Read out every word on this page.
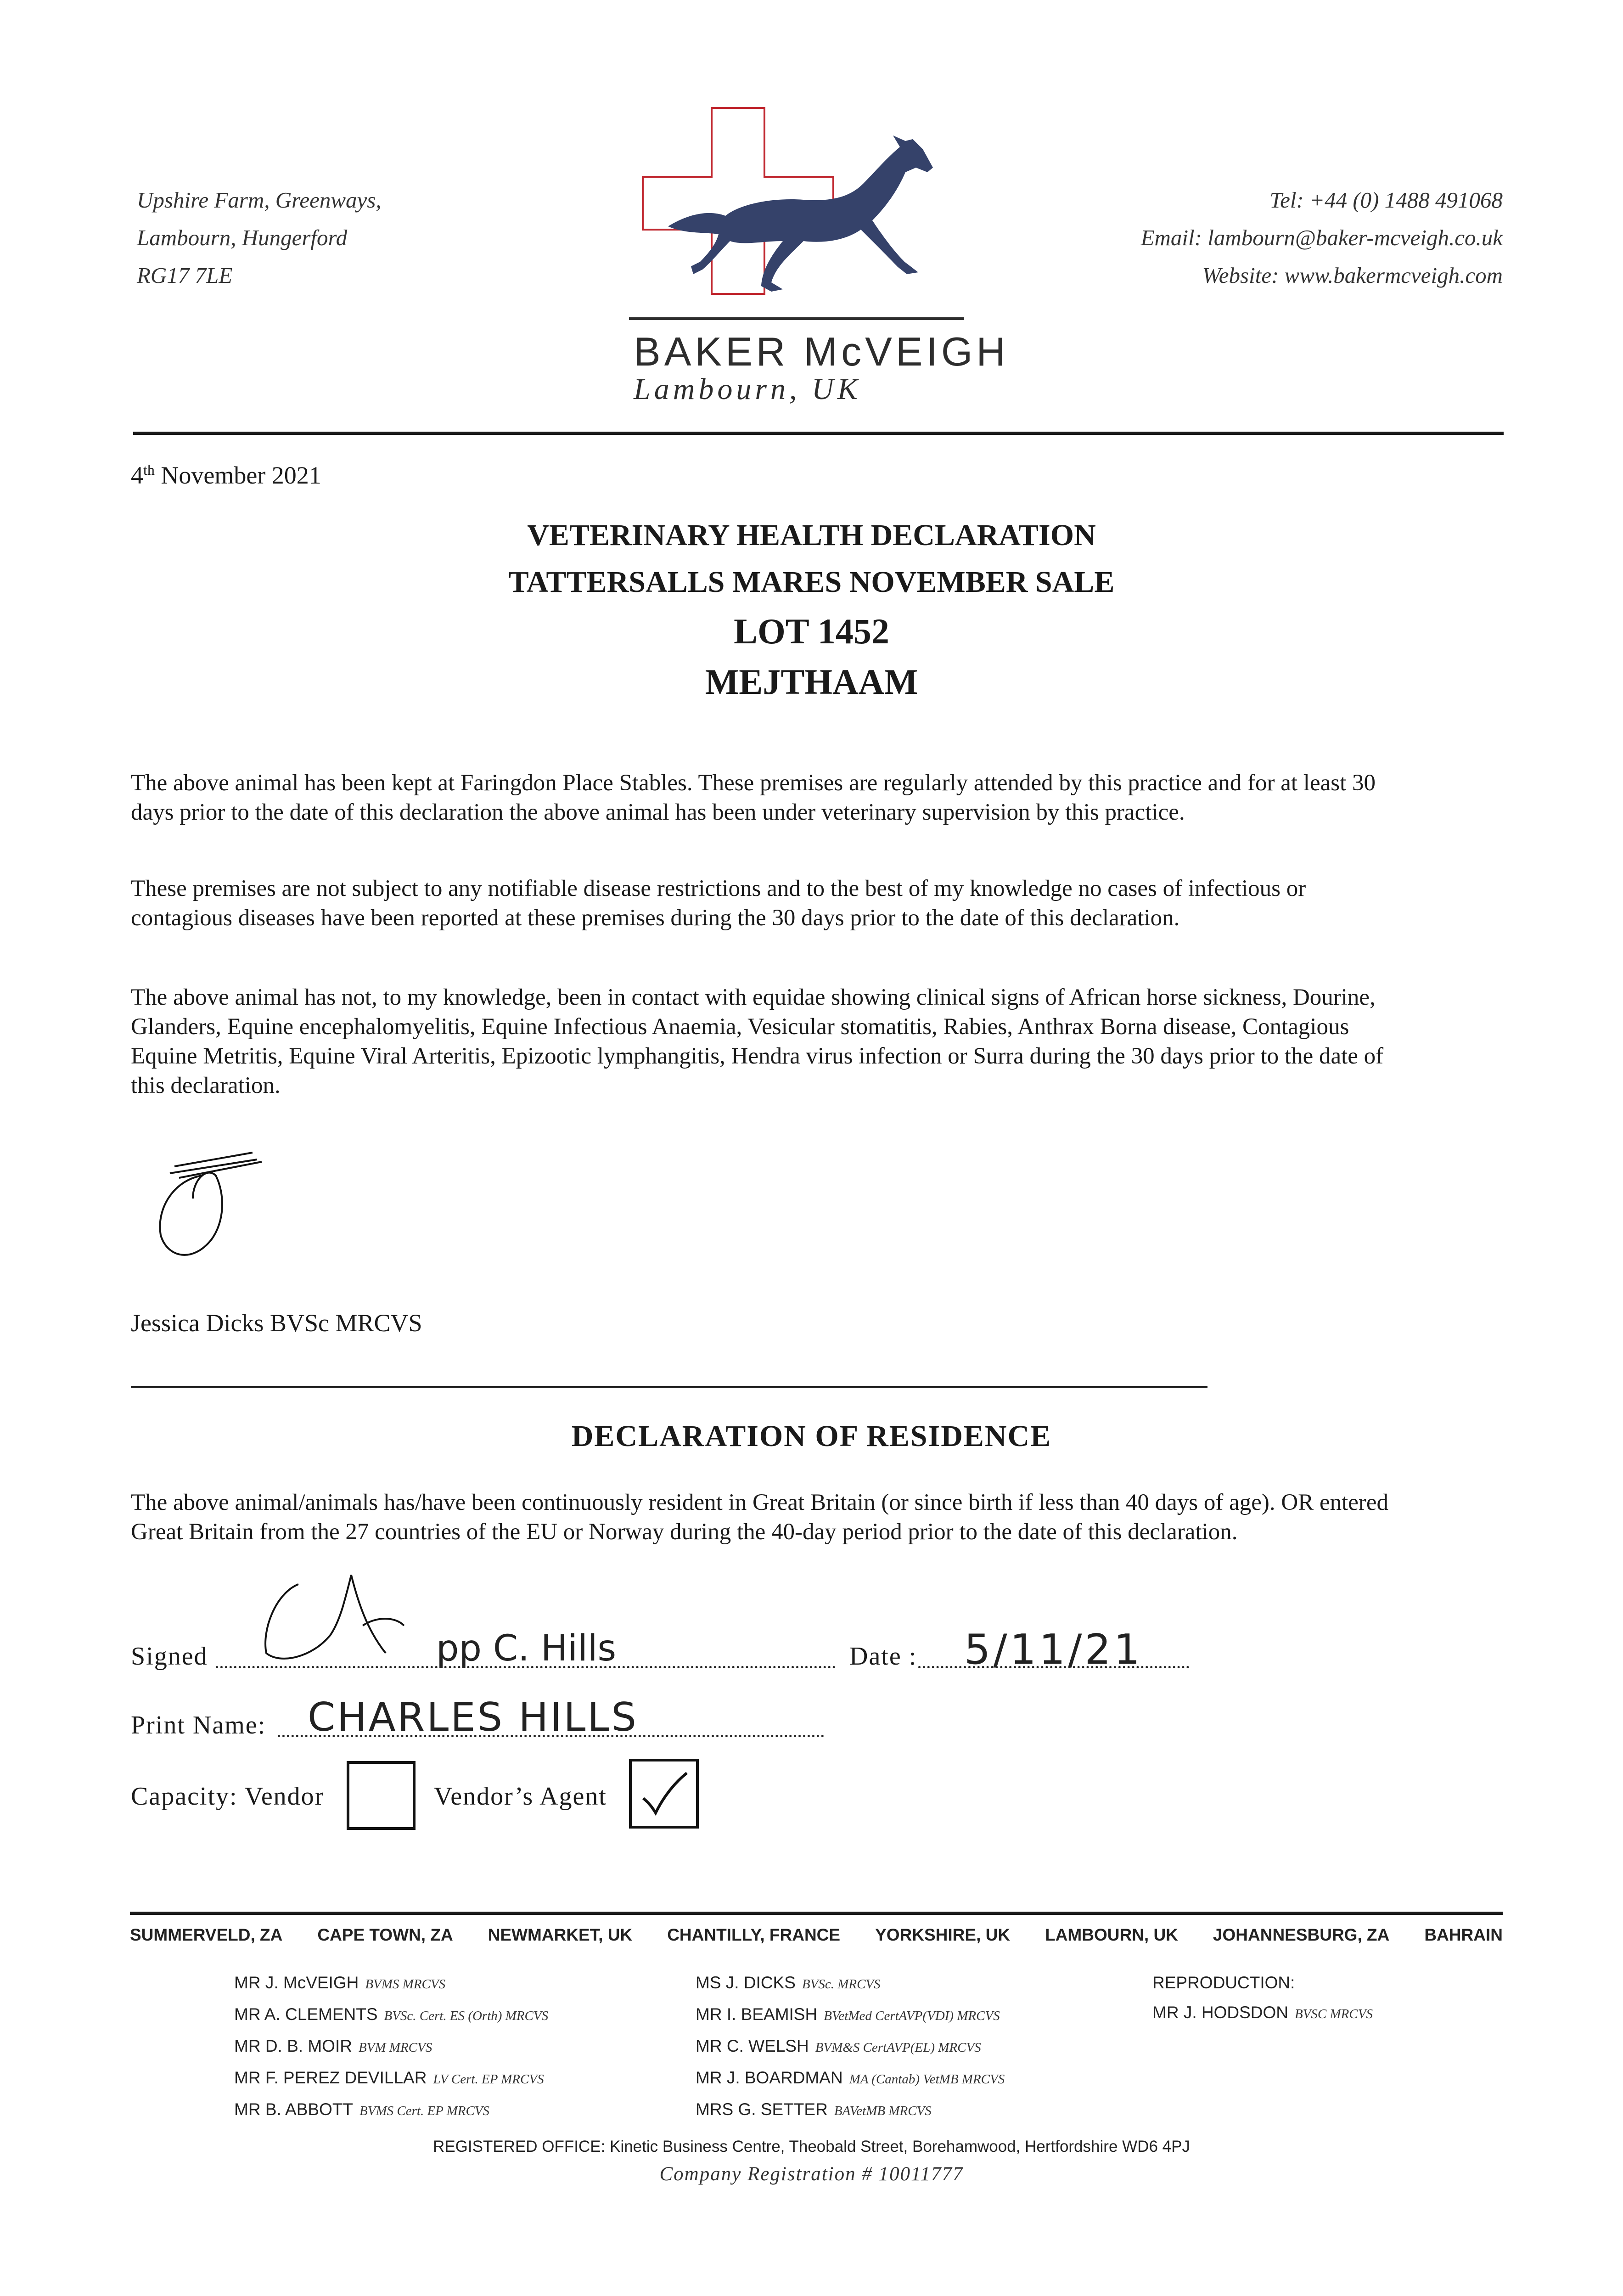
Upshire Farm, Greenways,
Lambourn, Hungerford
RG17 7LE
Tel: +44 (0) 1488 491068
Email: lambourn@baker-mcveigh.co.uk
Website: www.bakermcveigh.com
BAKER McVEIGH
Lambourn, UK
4th November 2021
VETERINARY HEALTH DECLARATION
TATTERSALLS MARES NOVEMBER SALE
LOT 1452
MEJTHAAM
The above animal has been kept at Faringdon Place Stables. These premises are regularly attended by this practice and for at least 30 days prior to the date of this declaration the above animal has been under veterinary supervision by this practice.
These premises are not subject to any notifiable disease restrictions and to the best of my knowledge no cases of infectious or contagious diseases have been reported at these premises during the 30 days prior to the date of this declaration.
The above animal has not, to my knowledge, been in contact with equidae showing clinical signs of African horse sickness, Dourine, Glanders, Equine encephalomyelitis, Equine Infectious Anaemia, Vesicular stomatitis, Rabies, Anthrax Borna disease, Contagious Equine Metritis, Equine Viral Arteritis, Epizootic lymphangitis, Hendra virus infection or Surra during the 30 days prior to the date of this declaration.
Jessica Dicks BVSc MRCVS
DECLARATION OF RESIDENCE
The above animal/animals has/have been continuously resident in Great Britain (or since birth if less than 40 days of age). OR entered Great Britain from the 27 countries of the EU or Norway during the 40-day period prior to the date of this declaration.
Signed	pp C. Hills	Date : 5/11/21
Print Name: CHARLES HILLS
Capacity: Vendor	Vendor’s Agent
SUMMERVELD, ZA CAPE TOWN, ZA NEWMARKET, UK CHANTILLY, FRANCE YORKSHIRE, UK LAMBOURN, UK JOHANNESBURG, ZA BAHRAIN
MR J. McVEIGH BVMS MRCVS
MR A. CLEMENTS BVSc. Cert. ES (Orth) MRCVS
MR D. B. MOIR BVM MRCVS
MR F. PEREZ DEVILLAR LV Cert. EP MRCVS
MR B. ABBOTT BVMS Cert. EP MRCVS
MS J. DICKS BVSc. MRCVS
MR I. BEAMISH BVetMed CertAVP(VDI) MRCVS
MR C. WELSH BVM&S CertAVP(EL) MRCVS
MR J. BOARDMAN MA (Cantab) VetMB MRCVS
MRS G. SETTER BAVetMB MRCVS
REPRODUCTION:
MR J. HODSDON BVSC MRCVS
REGISTERED OFFICE: Kinetic Business Centre, Theobald Street, Borehamwood, Hertfordshire WD6 4PJ
Company Registration # 10011777
